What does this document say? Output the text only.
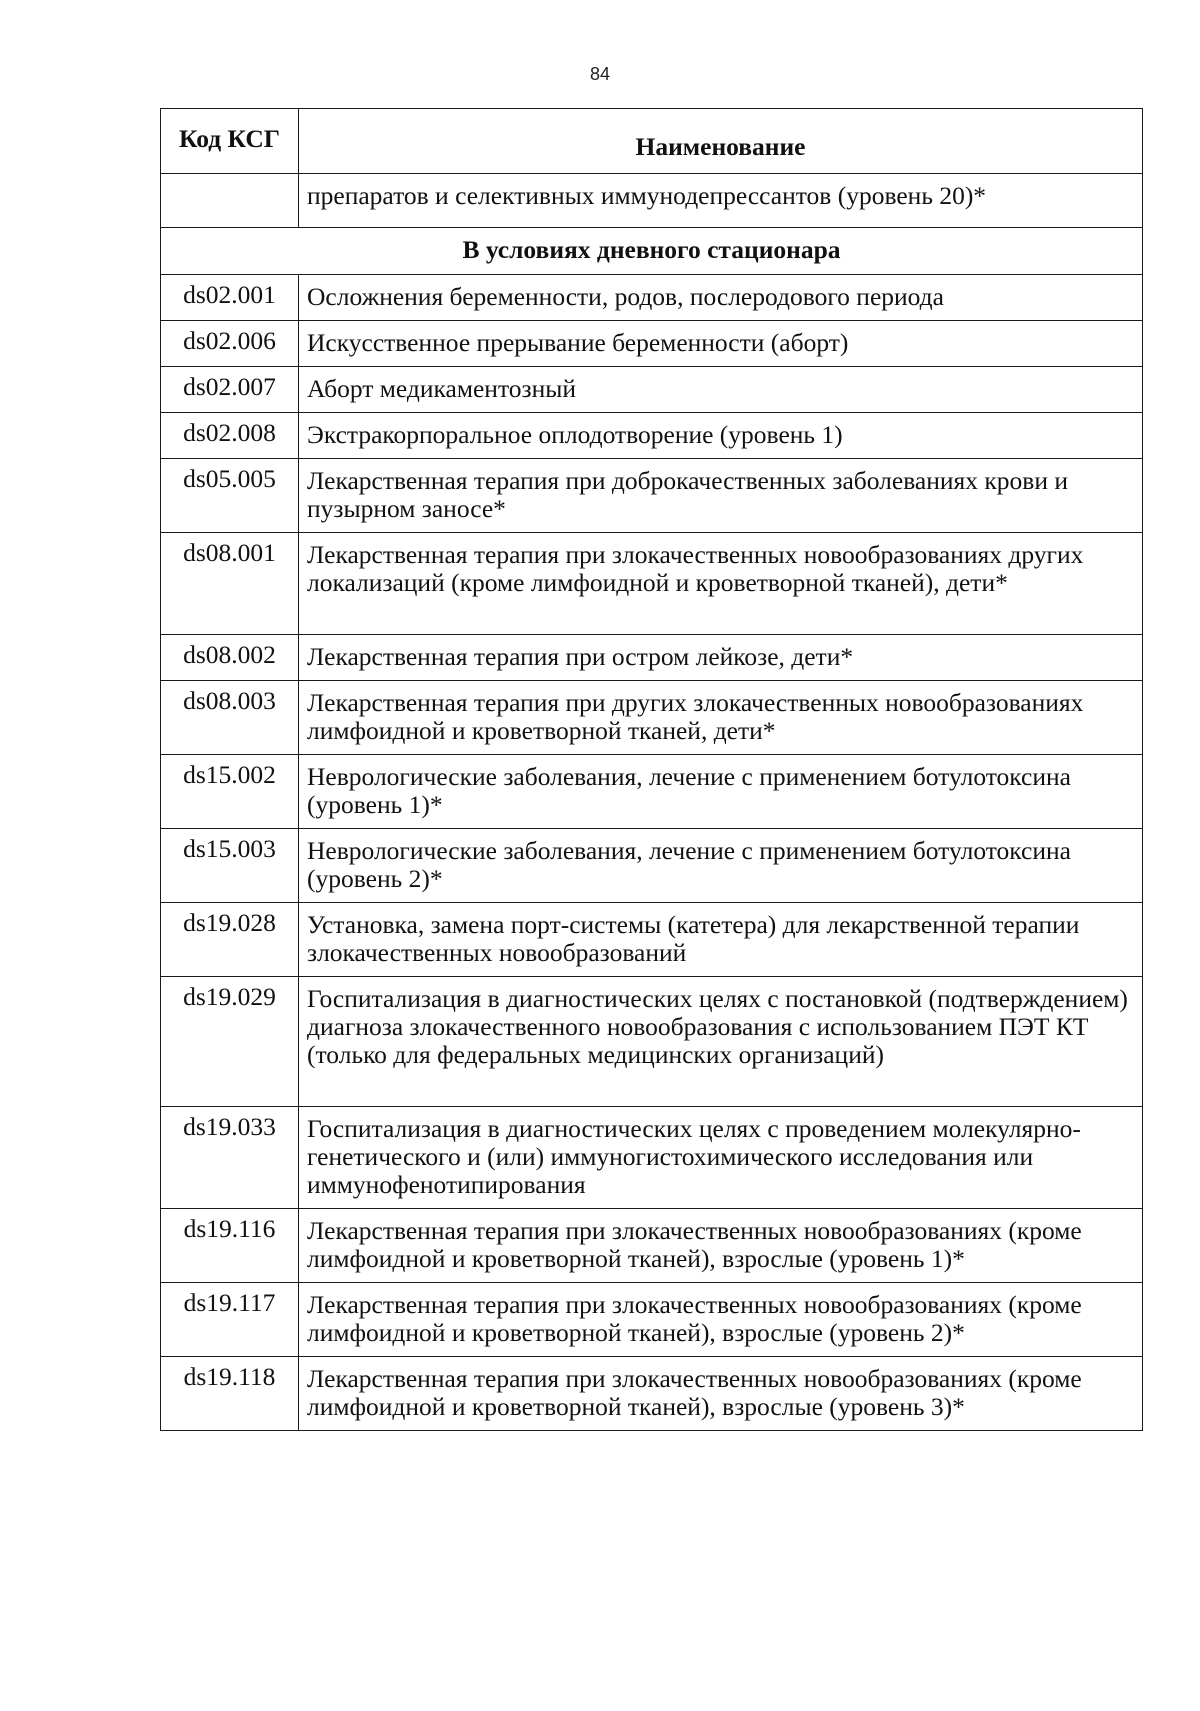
84
Код КСГ	Наименование
	препаратов и селективных иммунодепрессантов (уровень 20)*
В условиях дневного стационара	
ds02.001	Осложнения беременности, родов, послеродового периода
ds02.006	Искусственное прерывание беременности (аборт)
ds02.007	Аборт медикаментозный
ds02.008	Экстракорпоральное оплодотворение (уровень 1)
ds05.005	Лекарственная терапия при доброкачественных заболеваниях крови и пузырном заносе*
ds08.001	Лекарственная терапия при злокачественных новообразованиях других локализаций (кроме лимфоидной и кроветворной тканей), дети*
ds08.002	Лекарственная терапия при остром лейкозе, дети*
ds08.003	Лекарственная терапия при других злокачественных новообразованиях лимфоидной и кроветворной тканей, дети*
ds15.002	Неврологические заболевания, лечение с применением ботулотоксина (уровень 1)*
ds15.003	Неврологические заболевания, лечение с применением ботулотоксина (уровень 2)*
ds19.028	Установка, замена порт-системы (катетера) для лекарственной терапии злокачественных новообразований
ds19.029	Госпитализация в диагностических целях с постановкой (подтверждением) диагноза злокачественного новообразования с использованием ПЭТ КТ (только для федеральных медицинских организаций)
ds19.033	Госпитализация в диагностических целях с проведением молекулярно-генетического и (или) иммуногистохимического исследования или иммунофенотипирования
ds19.116	Лекарственная терапия при злокачественных новообразованиях (кроме лимфоидной и кроветворной тканей), взрослые (уровень 1)*
ds19.117	Лекарственная терапия при злокачественных новообразованиях (кроме лимфоидной и кроветворной тканей), взрослые (уровень 2)*
ds19.118	Лекарственная терапия при злокачественных новообразованиях (кроме лимфоидной и кроветворной тканей), взрослые (уровень 3)*
